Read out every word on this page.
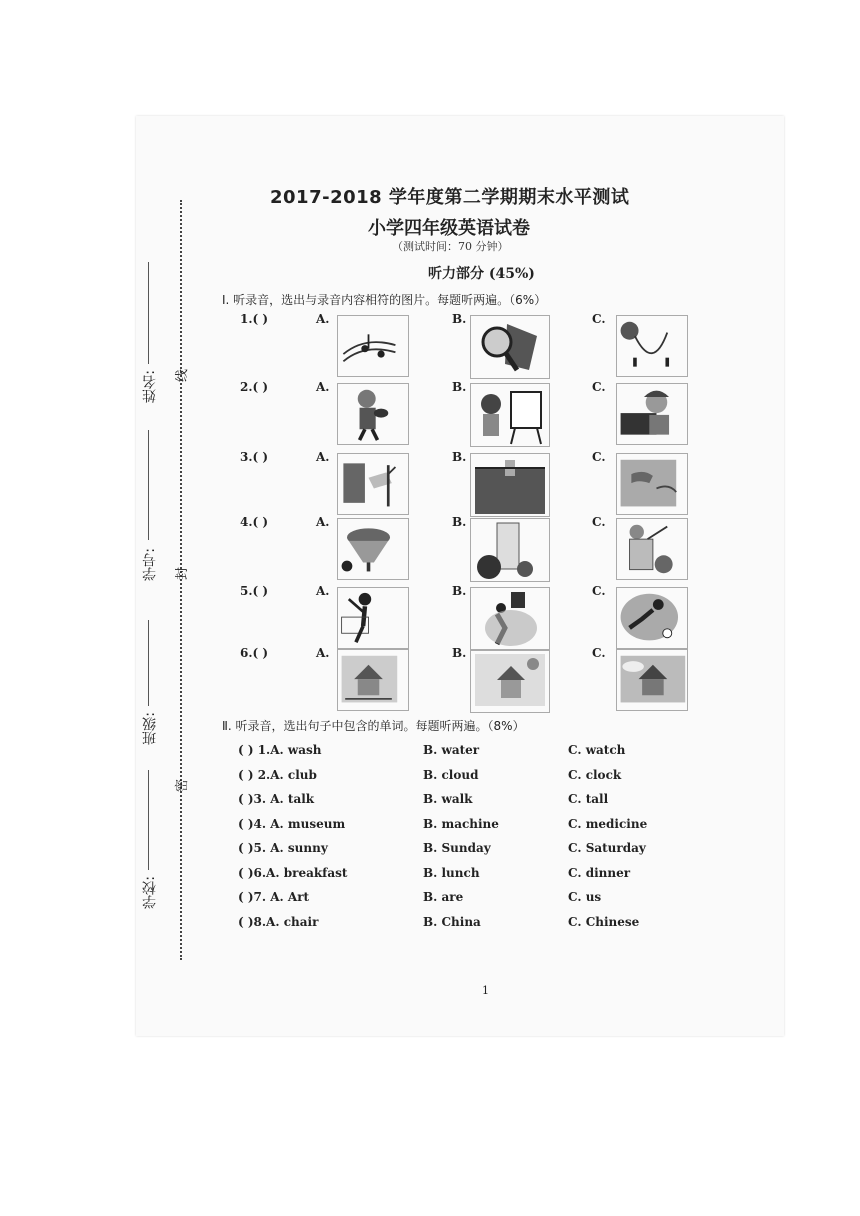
姓名:
学号:
班级:
学校:
线
封
密
2017-2018 学年度第二学期期末水平测试
小学四年级英语试卷
（测试时间：70 分钟）
听力部分 (45%)
Ⅰ. 听录音，选出与录音内容相符的图片。每题听两遍。（6%）
1.( )	A.	B.	C.
2.( )	A.	B.	C.
3.( )	A.	B.	C.
4.( )	A.	B.	C.
5.( )	A.	B.	C.
6.( )	A.	B.	C.
Ⅱ. 听录音，选出句子中包含的单词。每题听两遍。（8%）
( ) 1.A. wash	B. water	C. watch
( ) 2.A. club	B. cloud	C. clock
( )3. A. talk	B. walk	C. tall
( )4. A. museum	B. machine	C. medicine
( )5. A. sunny	B. Sunday	C. Saturday
( )6.A. breakfast	B. lunch	C. dinner
( )7. A. Art	B. are	C. us
( )8.A. chair	B. China	C. Chinese
1
